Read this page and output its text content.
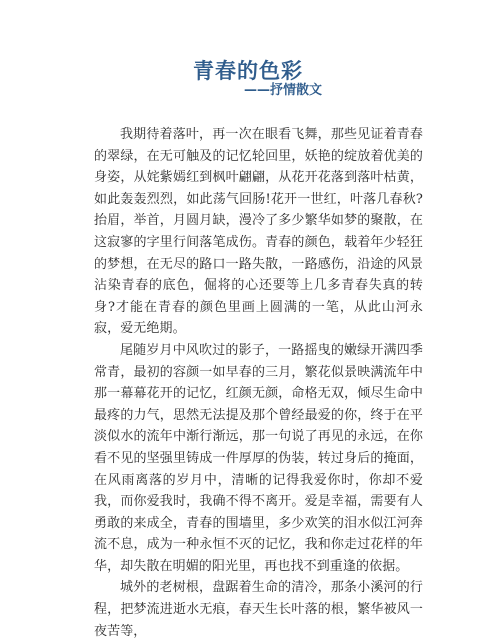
青春的色彩
——抒情散文

我期待着落叶，再一次在眼看飞舞，那些见证着青春的翠绿，在无可触及的记忆轮回里，妖艳的绽放着优美的身姿，从姹紫嫣红到枫叶翩翩，从花开花落到落叶枯黄，如此轰轰烈烈，如此荡气回肠!花开一世红，叶落几春秋?抬眉，举首，月圆月缺，漫冷了多少繁华如梦的聚散，在这寂寥的字里行间落笔成伤。青春的颜色，载着年少轻狂的梦想，在无尽的路口一路失散，一路感伤，沿途的风景沾染青春的底色，倔将的心还要等上几多青春失真的转身?才能在青春的颜色里画上圆满的一笔，从此山河永寂，爱无绝期。

尾随岁月中风吹过的影子，一路摇曳的嫩绿开满四季常青，最初的容颜一如早春的三月，繁花似景映满流年中那一幕幕花开的记忆，红颜无颜，命格无双，倾尽生命中最疼的力气，思然无法提及那个曾经最爱的你，终于在平淡似水的流年中渐行渐远，那一句说了再见的永远，在你看不见的坚强里铸成一件厚厚的伪装，转过身后的掩面，在风雨离落的岁月中，清晰的记得我爱你时，你却不爱我，而你爱我时，我确不得不离开。爱是幸福，需要有人勇敢的来成全，青春的围墙里，多少欢笑的泪水似江河奔流不息，成为一种永恒不灭的记忆，我和你走过花样的年华，却失散在明媚的阳光里，再也找不到重逢的依据。

城外的老树根，盘踞着生命的清冷，那条小溪河的行程，把梦流进逝水无痕，春天生长叶落的根，繁华被风一夜苦等，
